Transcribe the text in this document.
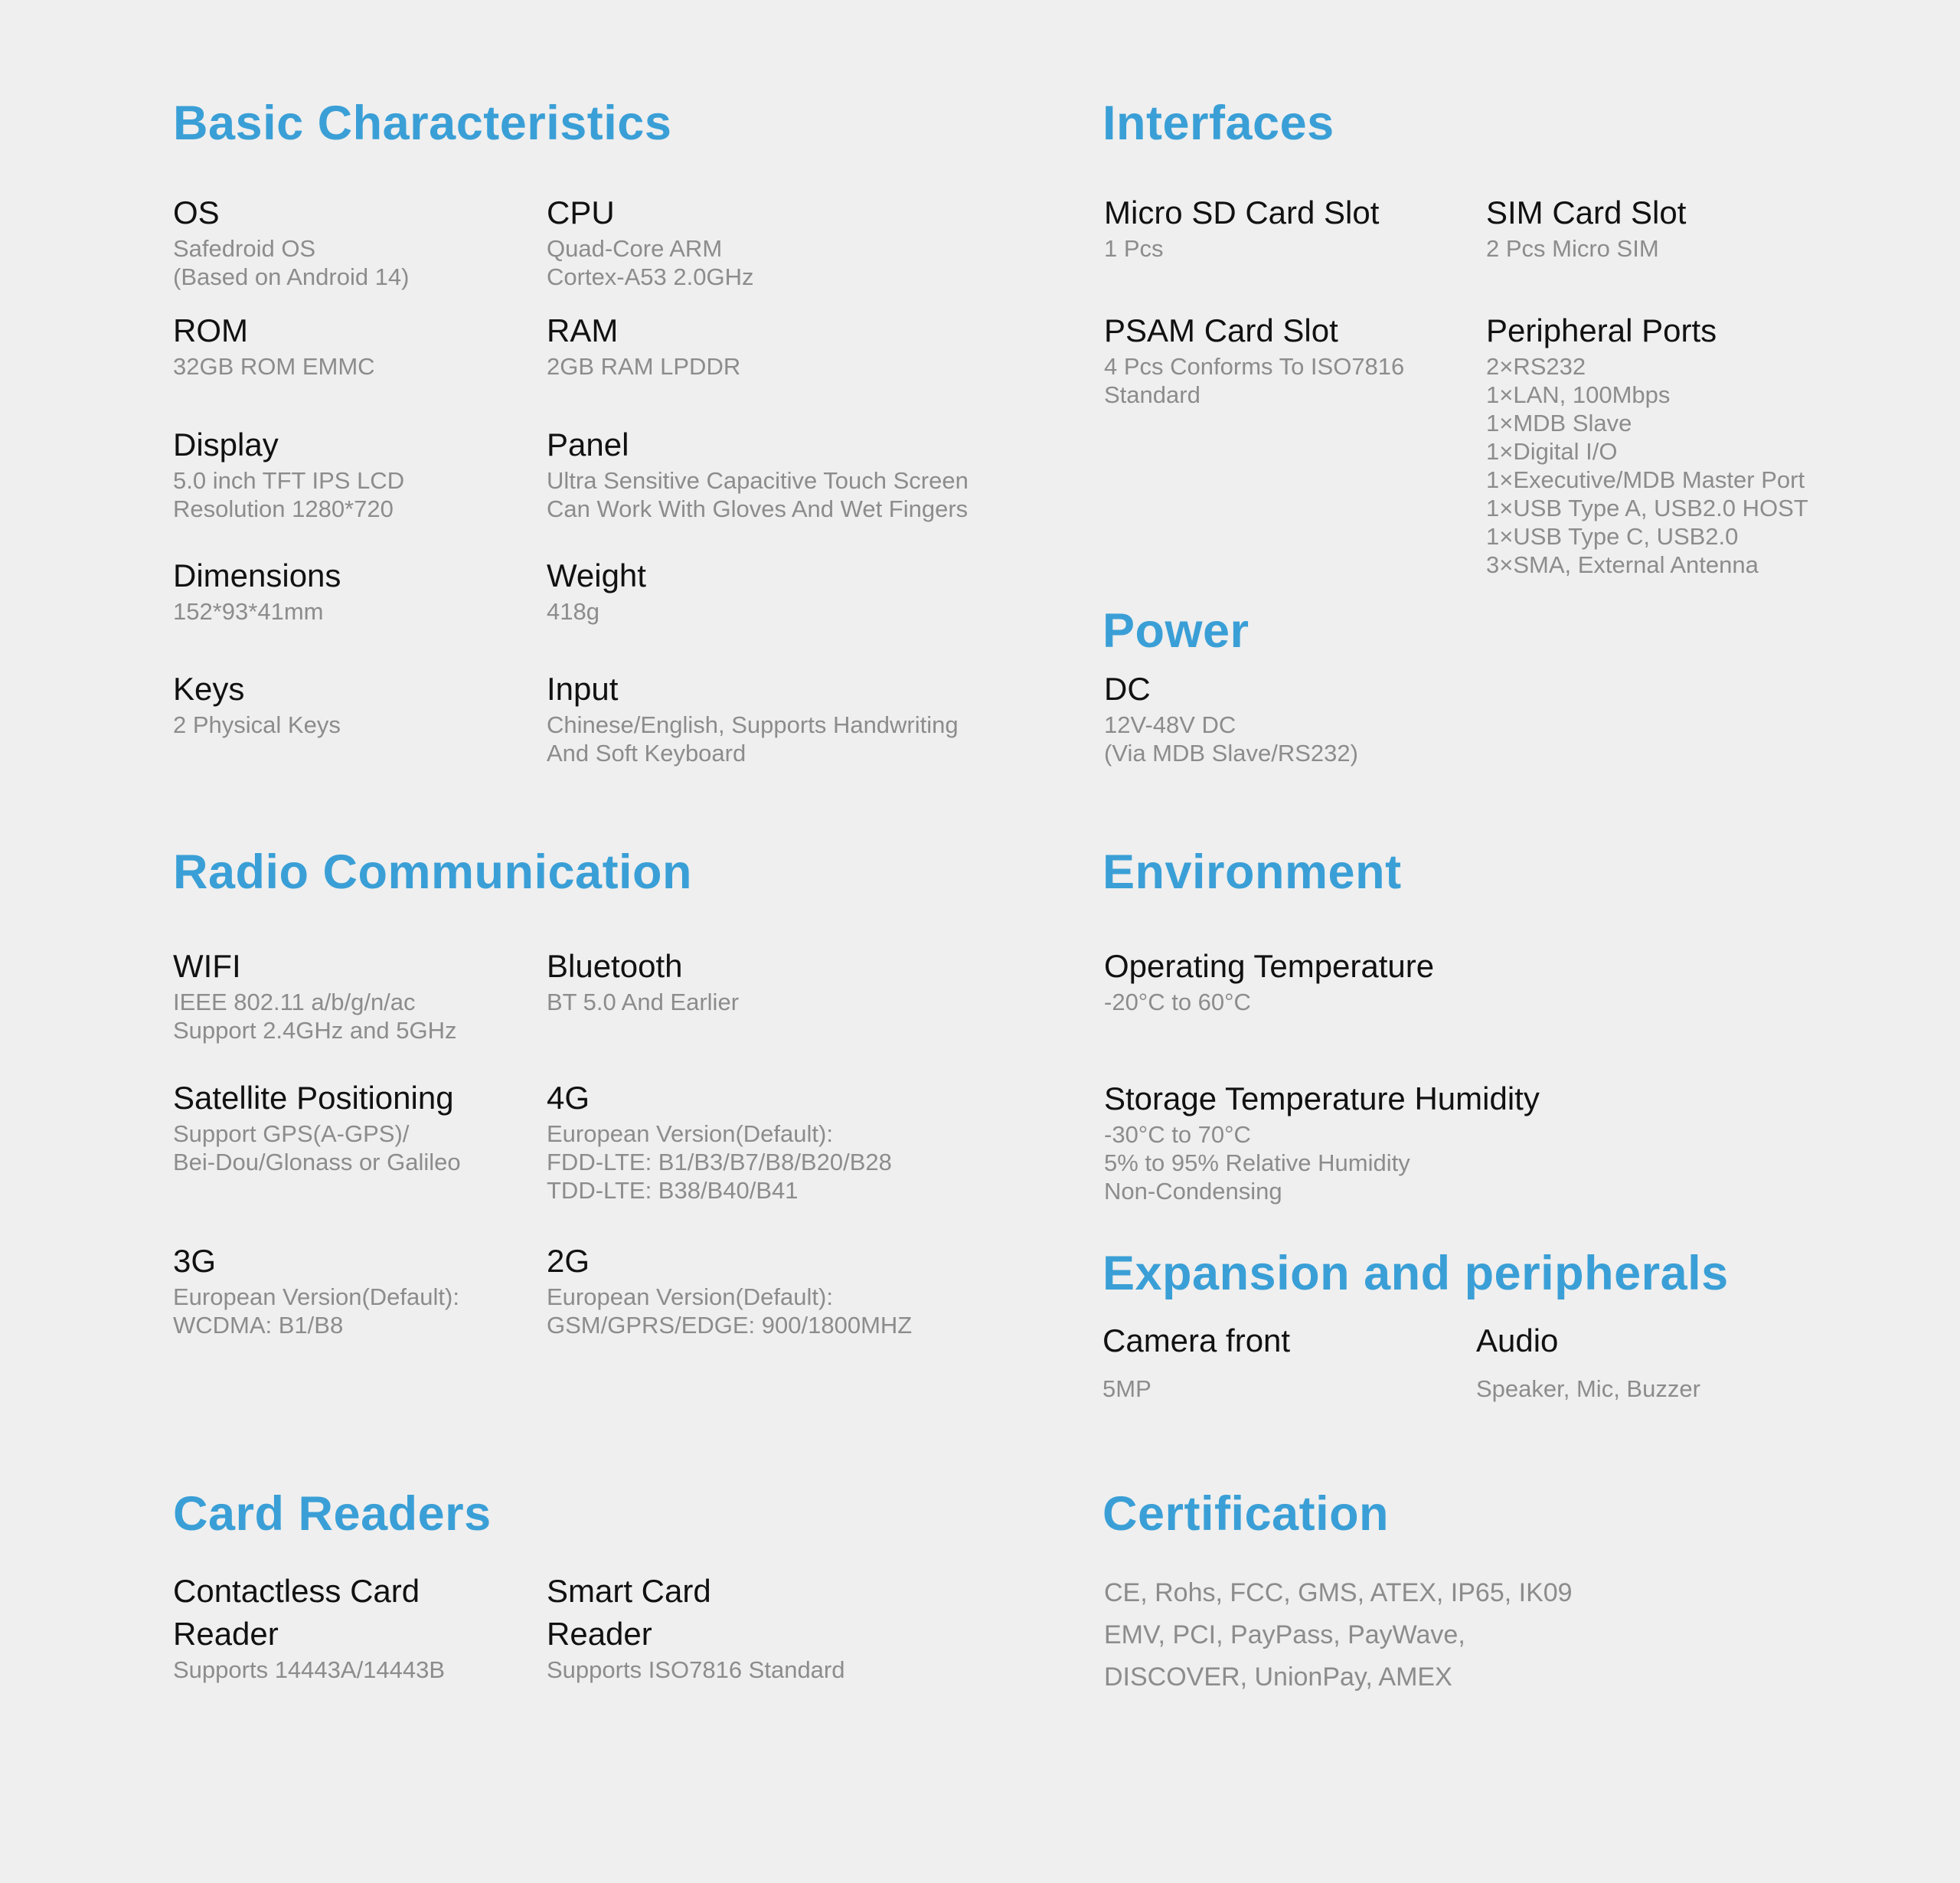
Basic Characteristics
OS
Safedroid OS
(Based on Android 14)
CPU
Quad-Core ARM
Cortex-A53 2.0GHz
ROM
32GB ROM EMMC
RAM
2GB RAM LPDDR
Display
5.0 inch TFT IPS LCD
Resolution 1280*720
Panel
Ultra Sensitive Capacitive Touch Screen
Can Work With Gloves And Wet Fingers
Dimensions
152*93*41mm
Weight
418g
Keys
2 Physical Keys
Input
Chinese/English, Supports Handwriting
And Soft Keyboard
Interfaces
Micro SD Card Slot
1 Pcs
SIM Card Slot
2 Pcs Micro SIM
PSAM Card Slot
4 Pcs Conforms To ISO7816
Standard
Peripheral Ports
2×RS232
1×LAN, 100Mbps
1×MDB Slave
1×Digital I/O
1×Executive/MDB Master Port
1×USB Type A, USB2.0 HOST
1×USB Type C, USB2.0
3×SMA, External Antenna
Power
DC
12V-48V DC
(Via MDB Slave/RS232)
Radio Communication
WIFI
IEEE 802.11 a/b/g/n/ac
Support 2.4GHz and 5GHz
Bluetooth
BT 5.0 And Earlier
Satellite Positioning
Support GPS(A-GPS)/
Bei-Dou/Glonass or Galileo
4G
European Version(Default):
FDD-LTE: B1/B3/B7/B8/B20/B28
TDD-LTE: B38/B40/B41
3G
European Version(Default):
WCDMA: B1/B8
2G
European Version(Default):
GSM/GPRS/EDGE: 900/1800MHZ
Environment
Operating Temperature
-20°C to 60°C
Storage Temperature Humidity
-30°C to 70°C
5% to 95% Relative Humidity
Non-Condensing
Expansion and peripherals
Camera front
5MP
Audio
Speaker, Mic, Buzzer
Card Readers
Contactless Card
Reader
Supports 14443A/14443B
Smart Card
Reader
Supports ISO7816 Standard
Certification
CE, Rohs, FCC, GMS, ATEX, IP65, IK09
EMV, PCI, PayPass, PayWave,
DISCOVER, UnionPay, AMEX
